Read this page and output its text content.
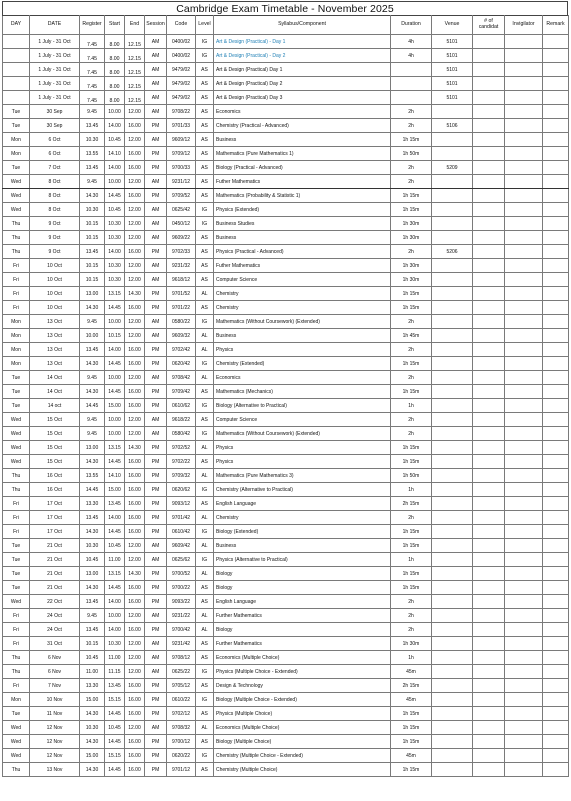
Cambridge Exam Timetable - November 2025
DAY	DATE	Register	Start	End	Session	Code	Level	Syllabus/Component	Duration	Venue	# of candidat	Invigilator	Remark
	1 July - 31 Oct	7.45	8.00	12.15	AM	0400/02	IG	Art & Design (Practical) - Day 1	4h	5101			
	1 July - 31 Oct	7.45	8.00	12.15	AM	0400/02	IG	Art & Design (Practical) - Day 2	4h	5101			
	1 July - 31 Oct	7.45	8.00	12.15	AM	9479/02	AS	Art & Design (Practical) Day 1		5101			
	1 July - 31 Oct	7.45	8.00	12.15	AM	9479/02	AS	Art & Design (Practical) Day 2		5101			
	1 July - 31 Oct	7.45	8.00	12.15	AM	9479/02	AS	Art & Design (Practical) Day 3		5101			
Tue	30 Sep	9.45	10.00	12.00	AM	9708/22	AS	Economics	2h				
Tue	30 Sep	13.45	14.00	16.00	PM	9701/33	AS	Chemistry (Practical - Advanced)	2h	5106			
Mon	6 Oct	10.30	10.45	12.00	AM	9609/12	AS	Business	1h 15m				
Mon	6 Oct	13.55	14.10	16.00	PM	9709/12	AS	Mathematics (Pure Mathematics 1)	1h 50m				
Tue	7 Oct	13.45	14.00	16.00	PM	9700/33	AS	Biology (Practical - Advanced)	2h	5209			
Wed	8 Oct	9.45	10.00	12.00	AM	9231/12	AS	Futher Mathematics	2h				
Wed	8 Oct	14.30	14.45	16.00	PM	9709/52	AS	Mathematics (Probability & Statistic 1)	1h 15m				
Wed	8 Oct	10.30	10.45	12.00	AM	0625/42	IG	Physics (Extended)	1h 15m				
Thu	9 Oct	10.15	10.30	12.00	AM	0450/12	IG	Business Studies	1h 30m				
Thu	9 Oct	10.15	10.30	12.00	AM	9609/22	AS	Business	1h 30m				
Thu	9 Oct	13.45	14.00	16.00	PM	9702/33	AS	Physics (Practical - Advanced)	2h	5206			
Fri	10 Oct	10.15	10.30	12.00	AM	9231/32	AS	Futher Mathematics	1h 30m				
Fri	10 Oct	10.15	10.30	12.00	AM	9618/12	AS	Computer Science	1h 30m				
Fri	10 Oct	13.00	13.15	14.30	PM	9701/52	AL	Chemistry	1h 15m				
Fri	10 Oct	14.30	14.45	16.00	PM	9701/22	AS	Chemistry	1h 15m				
Mon	13 Oct	9.45	10.00	12.00	AM	0580/22	IG	Mathematics (Without Coursework) (Extended)	2h				
Mon	13 Oct	10.00	10.15	12.00	AM	9609/32	AL	Business	1h 45m				
Mon	13 Oct	13.45	14.00	16.00	PM	9702/42	AL	Physics	2h				
Mon	13 Oct	14.30	14.45	16.00	PM	0620/42	IG	Chemistry (Extended)	1h 15m				
Tue	14 Oct	9.45	10.00	12.00	AM	9708/42	AL	Economics	2h				
Tue	14 Oct	14.30	14.45	16.00	PM	9709/42	AS	Mathematics (Mechanics)	1h 15m				
Tue	14 oct	14.45	15.00	16.00	PM	0610/62	IG	Biology (Alternative to Practical)	1h				
Wed	15 Oct	9.45	10.00	12.00	AM	9618/22	AS	Computer Science	2h				
Wed	15 Oct	9.45	10.00	12.00	AM	0580/42	IG	Mathematics (Without Coursework) (Extended)	2h				
Wed	15 Oct	13.00	13.15	14.30	PM	9702/52	AL	Physics	1h 15m				
Wed	15 Oct	14.30	14.45	16.00	PM	9702/22	AS	Physics	1h 15m				
Thu	16 Oct	13.55	14.10	16.00	PM	9709/32	AL	Mathematics (Pure Mathematics 3)	1h 50m				
Thu	16 Oct	14.45	15.00	16.00	PM	0620/62	IG	Chemistry (Alternative to Practical)	1h				
Fri	17 Oct	13.30	13.45	16.00	PM	9093/12	AS	English Language	2h 15m				
Fri	17 Oct	13.45	14.00	16.00	PM	9701/42	AL	Chemistry	2h				
Fri	17 Oct	14.30	14.45	16.00	PM	0610/42	IG	Biology (Extended)	1h 15m				
Tue	21 Oct	10.30	10.45	12.00	AM	9609/42	AL	Business	1h 15m				
Tue	21 Oct	10.45	11.00	12.00	AM	0625/62	IG	Physics (Alternative to Practical)	1h				
Tue	21 Oct	13.00	13.15	14.30	PM	9700/52	AL	Biology	1h 15m				
Tue	21 Oct	14.30	14.45	16.00	PM	9700/22	AS	Biology	1h 15m				
Wed	22 Oct	13.45	14.00	16.00	PM	9093/22	AS	English Language	2h				
Fri	24 Oct	9.45	10.00	12.00	AM	9231/22	AL	Further Mathematics	2h				
Fri	24 Oct	13.45	14.00	16.00	PM	9700/42	AL	Biology	2h				
Fri	31 Oct	10.15	10.30	12.00	AM	9231/42	AS	Further Mathematics	1h 30m				
Thu	6 Nov	10.45	11.00	12.00	AM	9708/12	AS	Economics (Multiple Choice)	1h				
Thu	6 Nov	11.00	11.15	12.00	AM	0625/22	IG	Physics (Multiple Choice - Extended)	45m				
Fri	7 Nov	13.30	13.45	16.00	PM	9705/12	AS	Design & Technology	2h 15m				
Mon	10 Nov	15.00	15.15	16.00	PM	0610/22	IG	Biology (Multiple Choice - Extended)	45m				
Tue	11 Nov	14.30	14.45	16.00	PM	9702/12	AS	Physics (Multiple Choice)	1h 15m				
Wed	12 Nov	10.30	10.45	12.00	AM	9708/32	AL	Economics (Multiple Choice)	1h 15m				
Wed	12 Nov	14.30	14.45	16.00	PM	9700/12	AS	Biology (Multiple Choice)	1h 15m				
Wed	12 Nov	15.00	15.15	16.00	PM	0620/22	IG	Chemistry (Multiple Choice - Extended)	45m				
Thu	13 Nov	14.30	14.45	16.00	PM	9701/12	AS	Chemistry (Multiple Choice)	1h 15m				
